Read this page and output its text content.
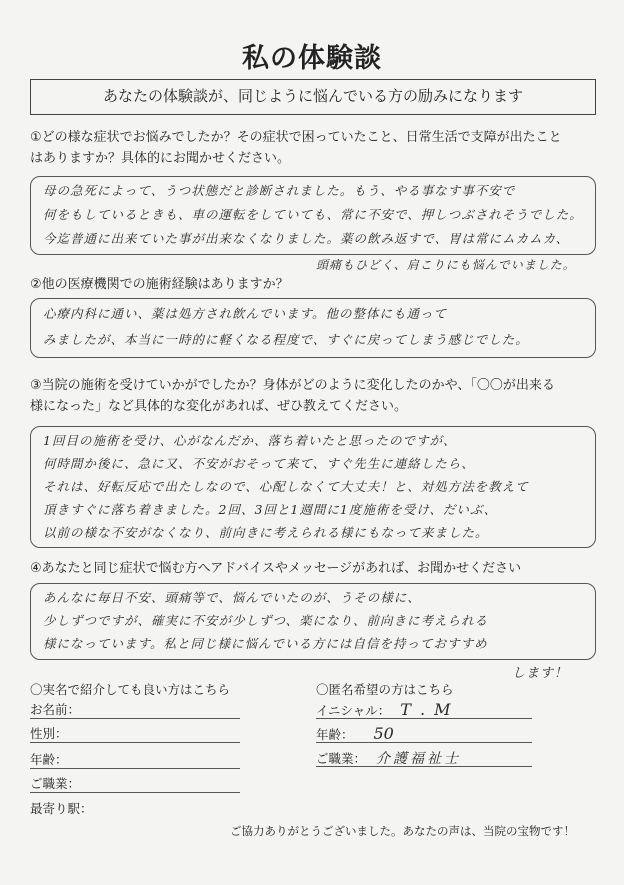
私の体験談
あなたの体験談が、同じように悩んでいる方の励みになります
①どの様な症状でお悩みでしたか？その症状で困っていたこと、日常生活で支障が出たこと
はありますか？具体的にお聞かせください。
母の急死によって、うつ状態だと診断されました。もう、やる事なす事不安で
何をもしているときも、車の運転をしていても、常に不安で、押しつぶされそうでした。
今迄普通に出来ていた事が出来なくなりました。薬の飲み返すで、胃は常にムカムカ、
頭痛もひどく、肩こりにも悩んでいました。
②他の医療機関での施術経験はありますか？
心療内科に通い、薬は処方され飲んでいます。他の整体にも通って
みましたが、本当に一時的に軽くなる程度で、すぐに戻ってしまう感じでした。
③当院の施術を受けていかがでしたか？身体がどのように変化したのかや、「〇〇が出来る
様になった」など具体的な変化があれば、ぜひ教えてください。
1回目の施術を受け、心がなんだか、落ち着いたと思ったのですが、
何時間か後に、急に又、不安がおそって来て、すぐ先生に連絡したら、
それは、好転反応で出たしなので、心配しなくて大丈夫！と、対処方法を教えて
頂きすぐに落ち着きました。2回、3回と1週間に1度施術を受け、だいぶ、
以前の様な不安がなくなり、前向きに考えられる様にもなって来ました。
④あなたと同じ症状で悩む方へアドバイスやメッセージがあれば、お聞かせください
あんなに毎日不安、頭痛等で、悩んでいたのが、うその様に、
少しずつですが、確実に不安が少しずつ、楽になり、前向きに考えられる
様になっています。私と同じ様に悩んでいる方には自信を持っておすすめ
します！
〇実名で紹介しても良い方はこちら
お名前：
性別：
年齢：
ご職業：
最寄り駅：
〇匿名希望の方はこちら
イニシャル： T . M
年齢： 50
ご職業： 介護福祉士
ご協力ありがとうございました。あなたの声は、当院の宝物です！
